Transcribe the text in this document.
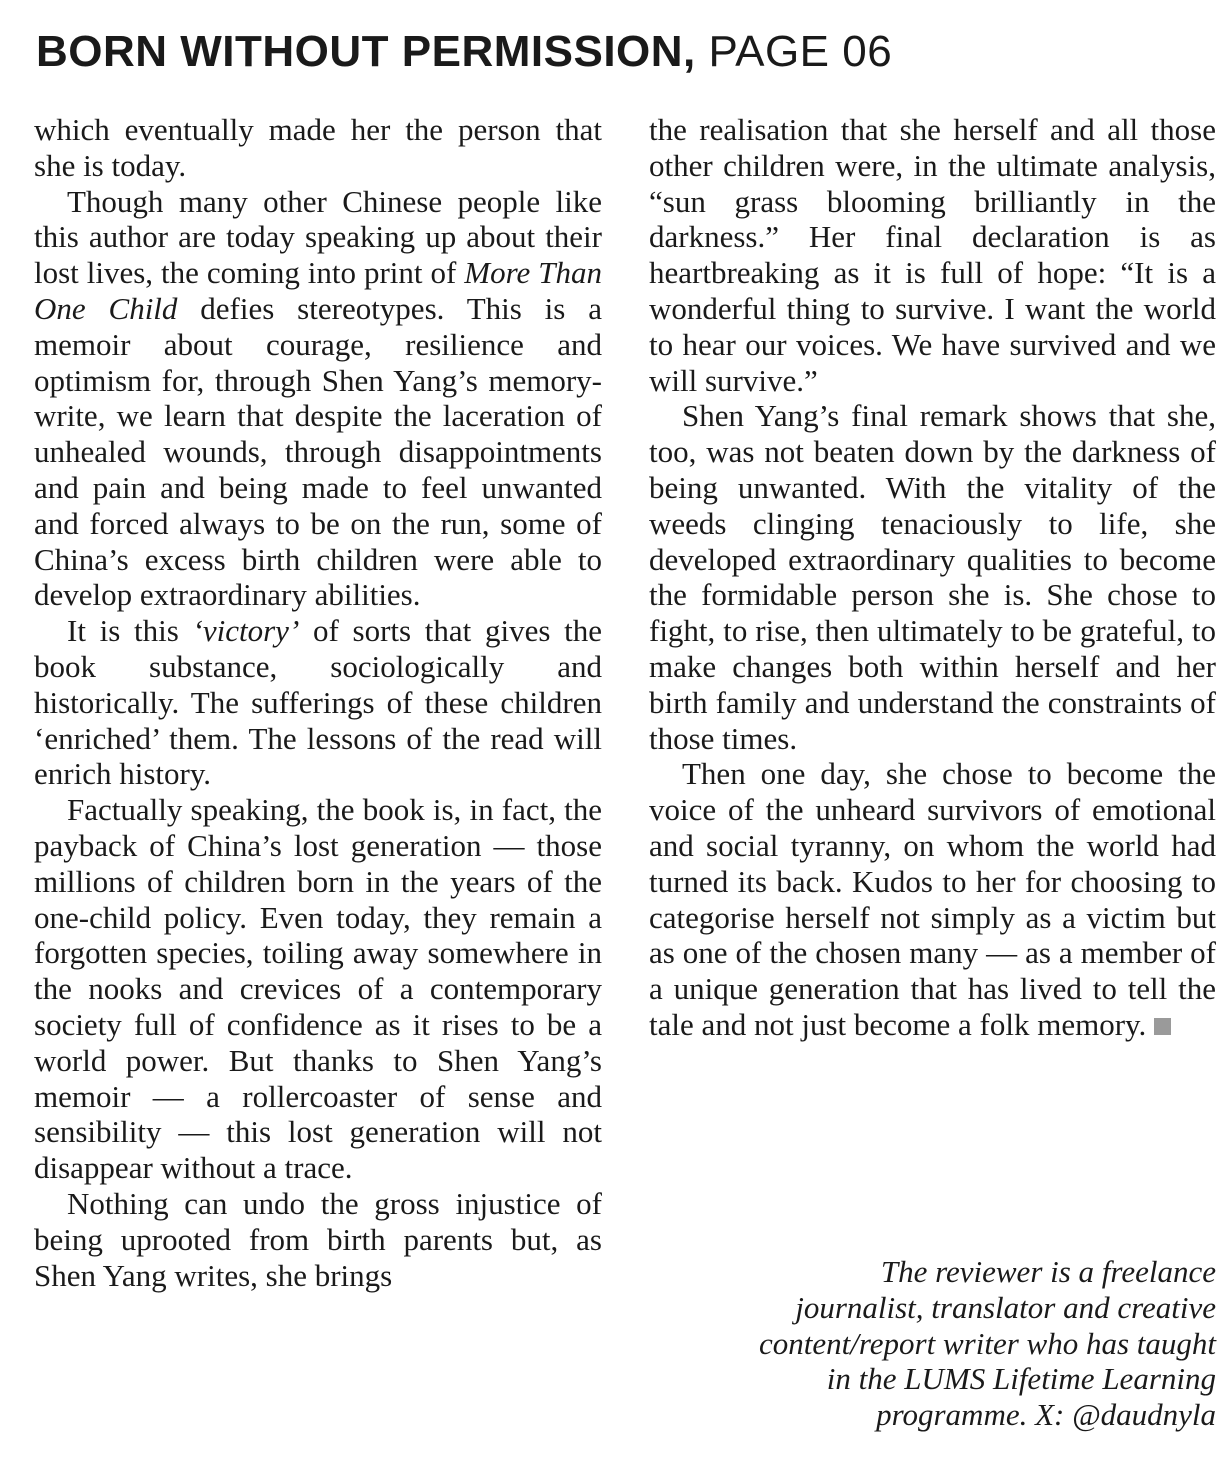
BORN WITHOUT PERMISSION, PAGE 06

which eventually made her the person that she is today.

Though many other Chinese people like this author are today speaking up about their lost lives, the coming into print of More Than One Child defies stereotypes. This is a memoir about courage, resilience and optimism for, through Shen Yang’s memory-write, we learn that despite the laceration of unhealed wounds, through disappointments and pain and being made to feel unwanted and forced always to be on the run, some of China’s excess birth children were able to develop extraordinary abilities.

It is this ‘victory’ of sorts that gives the book substance, sociologically and historically. The sufferings of these children ‘enriched’ them. The lessons of the read will enrich history.

Factually speaking, the book is, in fact, the payback of China’s lost generation — those millions of children born in the years of the one-child policy. Even today, they remain a forgotten species, toiling away somewhere in the nooks and crevices of a contemporary society full of confidence as it rises to be a world power. But thanks to Shen Yang’s memoir — a rollercoaster of sense and sensibility — this lost generation will not disappear without a trace.

Nothing can undo the gross injustice of being uprooted from birth parents but, as Shen Yang writes, she brings

the realisation that she herself and all those other children were, in the ultimate analysis, “sun grass blooming brilliantly in the darkness.” Her final declaration is as heartbreaking as it is full of hope: “It is a wonderful thing to survive. I want the world to hear our voices. We have survived and we will survive.”

Shen Yang’s final remark shows that she, too, was not beaten down by the darkness of being unwanted. With the vitality of the weeds clinging tenaciously to life, she developed extraordinary qualities to become the formidable person she is. She chose to fight, to rise, then ultimately to be grateful, to make changes both within herself and her birth family and understand the constraints of those times.

Then one day, she chose to become the voice of the unheard survivors of emotional and social tyranny, on whom the world had turned its back. Kudos to her for choosing to categorise herself not simply as a victim but as one of the chosen many — as a member of a unique generation that has lived to tell the tale and not just become a folk memory.

The reviewer is a freelance
journalist, translator and creative
content/report writer who has taught
in the LUMS Lifetime Learning
programme. X: @daudnyla
